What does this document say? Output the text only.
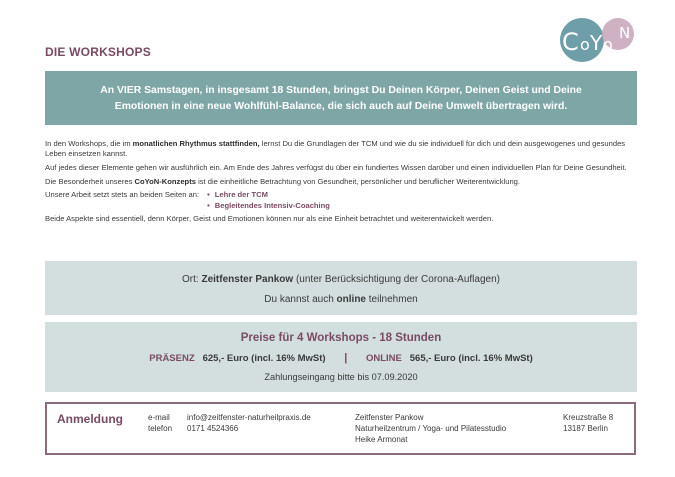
DIE WORKSHOPS	C o Y o
N
An VIER Samstagen, in insgesamt 18 Stunden, bringst Du Deinen Körper, Deinen Geist und Deine
Emotionen in eine neue Wohlfühl-Balance, die sich auch auf Deine Umwelt übertragen wird.

In den Workshops, die im monatlichen Rhythmus stattfinden, lernst Du die Grundlagen der TCM und wie du sie individuell für dich und dein ausgewogenes und gesundes Leben einsetzen kannst.

Auf jedes dieser Elemente gehen wir ausführlich ein. Am Ende des Jahres verfügst du über ein fundiertes Wissen darüber und einen individuellen Plan für Deine Gesundheit.

Die Besonderheit unseres CoYoN-Konzepts ist die einheitliche Betrachtung von Gesundheit, persönlicher und beruflicher Weiterentwicklung.

Unsere Arbeit setzt stets an beiden Seiten an:
•	Lehre der TCM
• Begleitendes Intensiv-Coaching

Beide Aspekte sind essentiell, denn Körper, Geist und Emotionen können nur als eine Einheit betrachtet und weiterentwickelt werden.

Ort: Zeitfenster Pankow (unter Berücksichtigung der Corona-Auflagen)
Du kannst auch online teilnehmen
Preise für 4 Workshops - 18 Stunden
PRÄSENZ 625,- Euro (incl. 16% MwSt) | ONLINE 565,- Euro (incl. 16% MwSt)
Zahlungseingang bitte bis 07.09.2020
Anmeldung	e-mail
telefon
info@zeitfenster-naturheilpraxis.de
0171 4524366
Zeitfenster Pankow
Naturheilzentrum / Yoga- und Pilatesstudio
Heike Armonat
Kreuzstraße 8
13187 Berlin
